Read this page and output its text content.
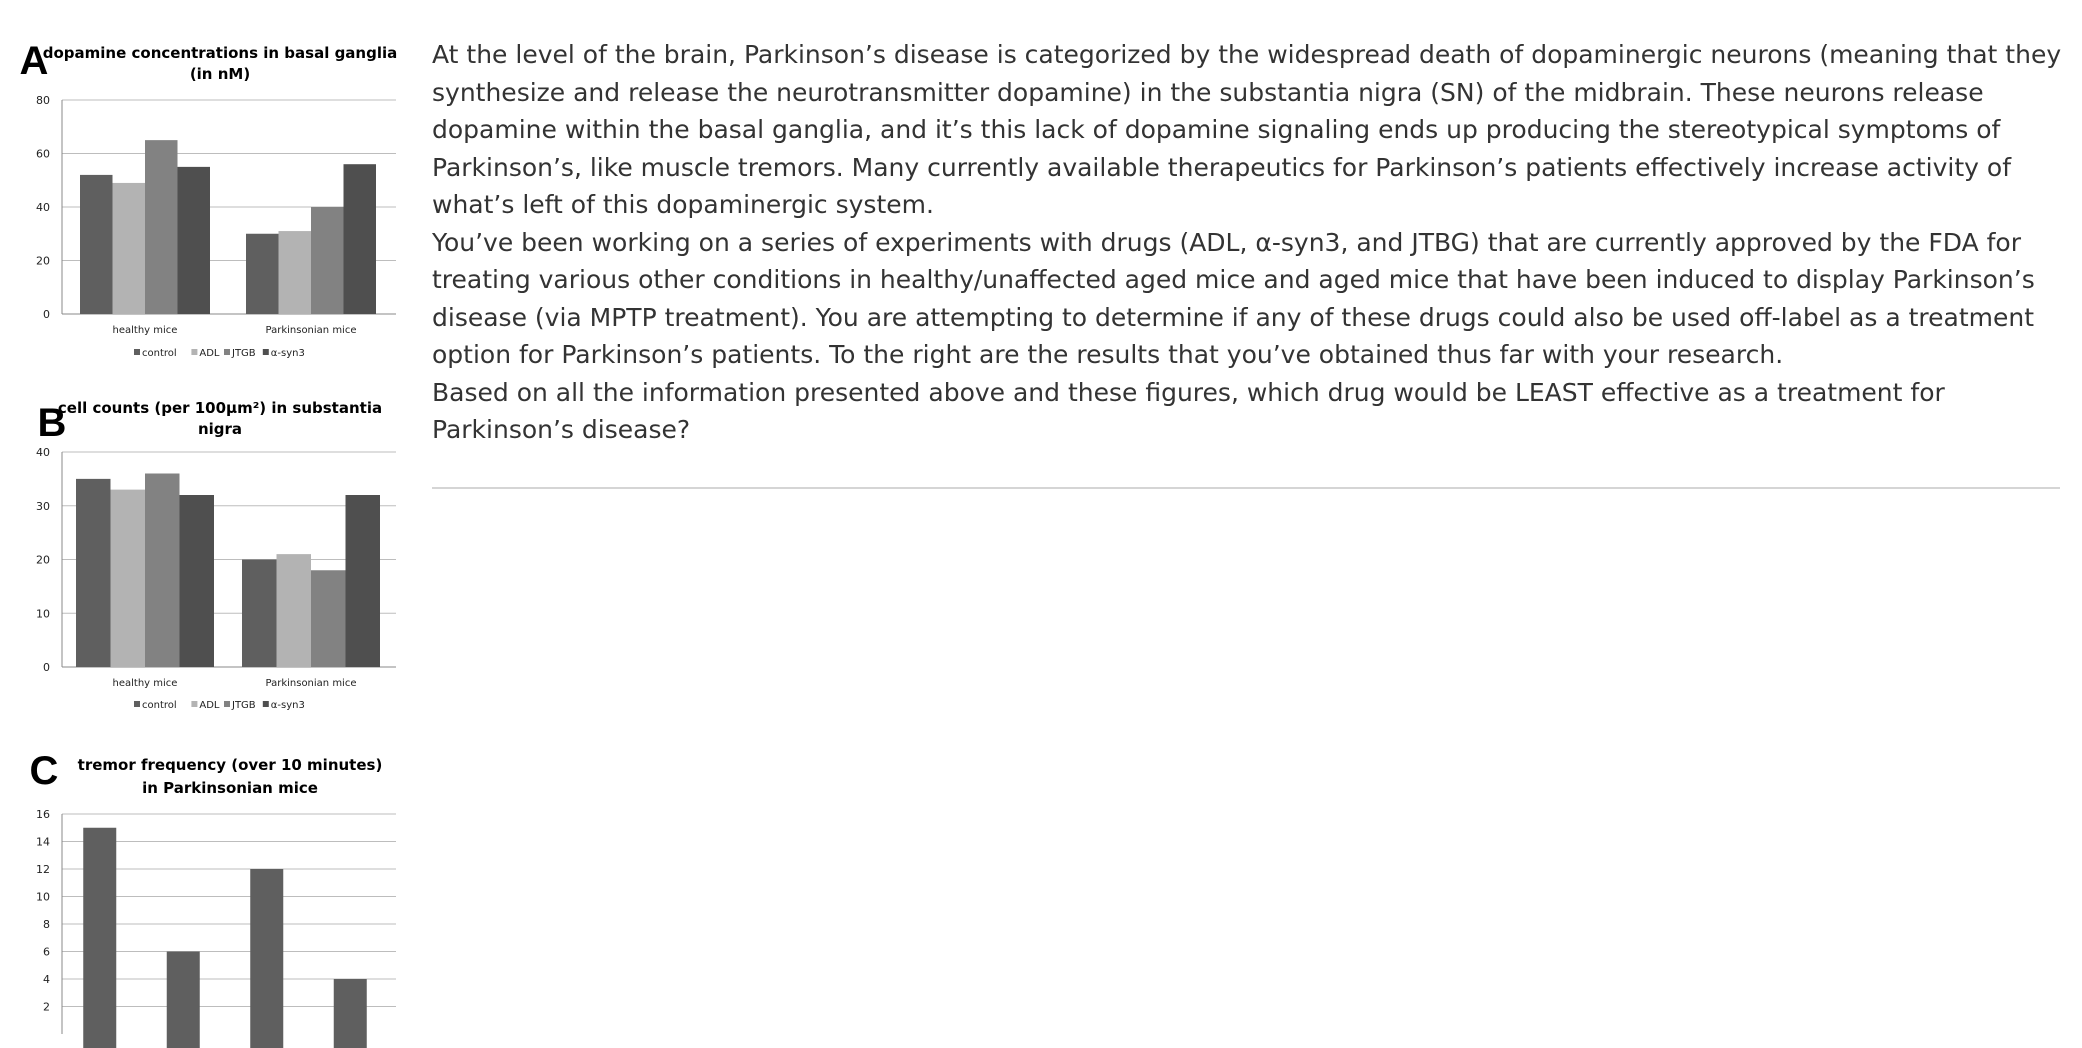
A
dopamine concentrations in basal ganglia
(in nM)
0
20
40
60
80
healthy mice	Parkinsonian mice
control ADL JTGB α-syn3
B
cell counts (per 100μm²) in substantia
nigra
0
10
20
30
40
healthy mice	Parkinsonian mice
control ADL JTGB α-syn3
C tremor frequency (over 10 minutes)
in Parkinsonian mice
2
4
6
8
10
12
14
16

At the level of the brain, Parkinson’s disease is categorized by the widespread death of dopaminergic neurons (meaning that they synthesize and release the neurotransmitter dopamine) in the substantia nigra (SN) of the midbrain. These neurons release dopamine within the basal ganglia, and it’s this lack of dopamine signaling ends up producing the stereotypical symptoms of Parkinson’s, like muscle tremors. Many currently available therapeutics for Parkinson’s patients effectively increase activity of what’s left of this dopaminergic system.

You’ve been working on a series of experiments with drugs (ADL, α-syn3, and JTBG) that are currently approved by the FDA for treating various other conditions in healthy/unaffected aged mice and aged mice that have been induced to display Parkinson’s disease (via MPTP treatment). You are attempting to determine if any of these drugs could also be used off-label as a treatment option for Parkinson’s patients. To the right are the results that you’ve obtained thus far with your research.

Based on all the information presented above and these figures, which drug would be LEAST effective as a treatment for Parkinson’s disease?
